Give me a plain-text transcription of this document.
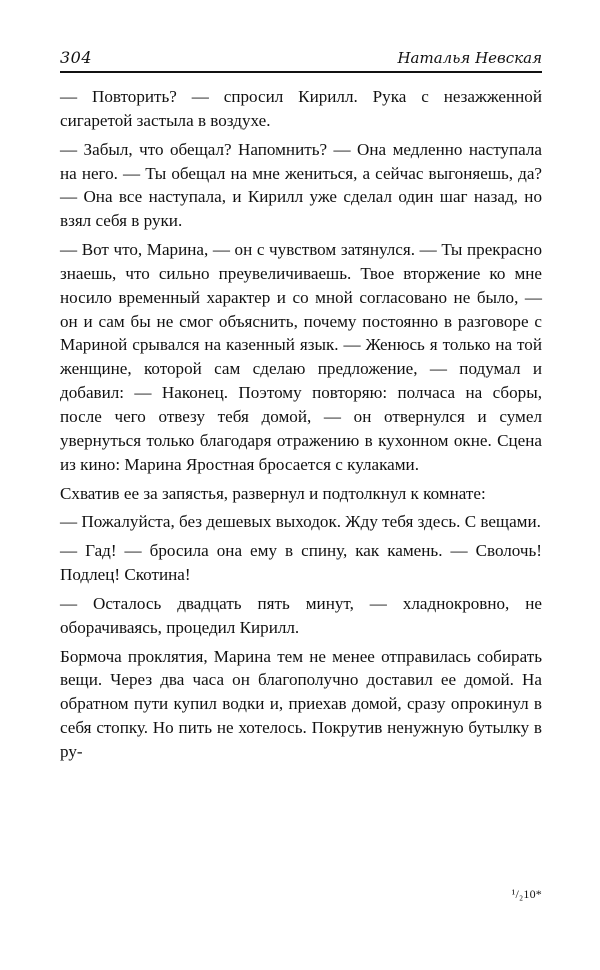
304	Наталья Невская

— Повторить? — спросил Кирилл. Рука с незажженной сигаретой застыла в воздухе.

— Забыл, что обещал? Напомнить? — Она медленно наступала на него. — Ты обещал на мне жениться, а сейчас выгоняешь, да? — Она все наступала, и Кирилл уже сделал один шаг назад, но взял себя в руки.

— Вот что, Марина, — он с чувством затянулся. — Ты прекрасно знаешь, что сильно преувеличиваешь. Твое вторжение ко мне носило временный характер и со мной согласовано не было, — он и сам бы не смог объяснить, почему постоянно в разговоре с Мариной срывался на казенный язык. — Женюсь я только на той женщине, которой сам сделаю предложение, — подумал и добавил: — Наконец. Поэтому повторяю: полчаса на сборы, после чего отвезу тебя домой, — он отвернулся и сумел увернуться только благодаря отражению в кухонном окне. Сцена из кино: Марина Яростная бросается с кулаками.

Схватив ее за запястья, развернул и подтолкнул к комнате:

— Пожалуйста, без дешевых выходок. Жду тебя здесь. С вещами.

— Гад! — бросила она ему в спину, как камень. — Сволочь! Подлец! Скотина!

— Осталось двадцать пять минут, — хладнокровно, не оборачиваясь, процедил Кирилл.

Бормоча проклятия, Марина тем не менее отправилась собирать вещи. Через два часа он благополучно доставил ее домой. На обратном пути купил водки и, приехав домой, сразу опрокинул в себя стопку. Но пить не хотелось. Покрутив ненужную бутылку в ру-

¹/₂10*
